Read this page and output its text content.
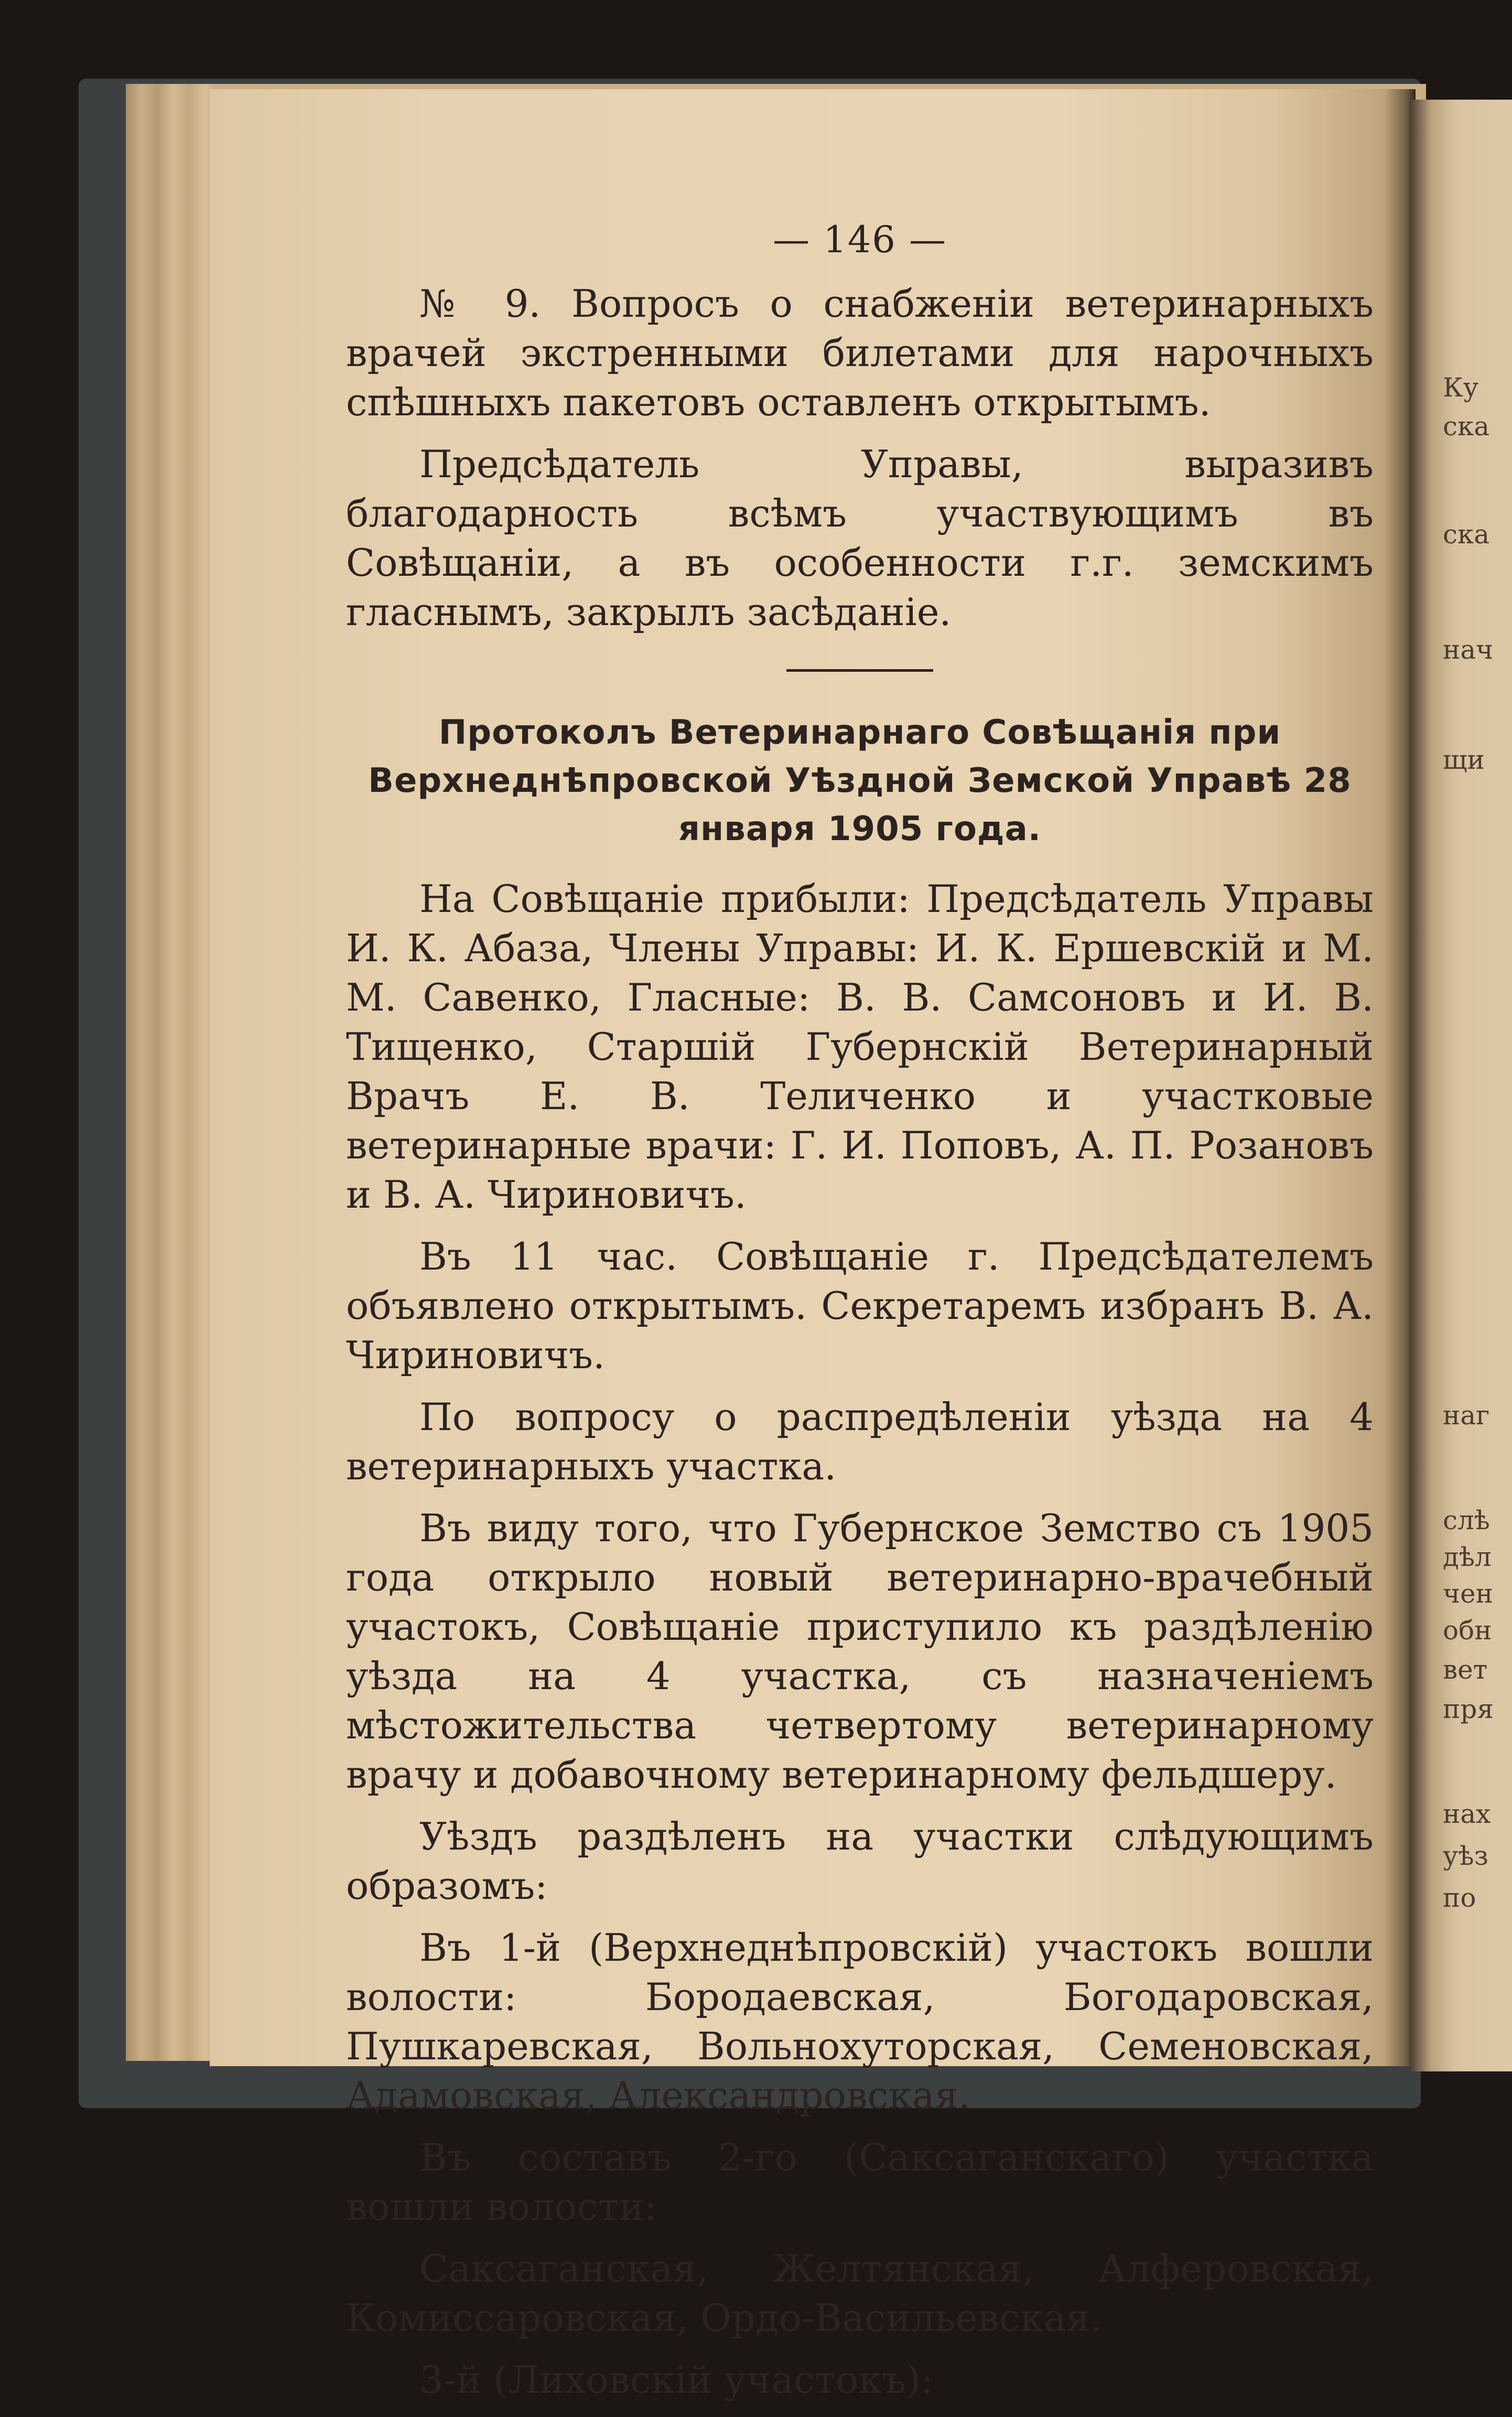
Ку
ска
ска
нач
щи
наг
слѣ
дѣл
чен
обн
вет
пря
нах
уѣз
по
— 146 —

№ 9. Вопросъ о снабженіи ветеринарныхъ врачей экстренными билетами для нарочныхъ спѣшныхъ пакетовъ оставленъ открытымъ.

Предсѣдатель Управы, выразивъ благодарность всѣмъ участвующимъ въ Совѣщаніи, а въ особенности г.г. земскимъ гласнымъ, закрылъ засѣданіе.

Протоколъ Ветеринарнаго Совѣщанія при Верхнеднѣпровской Уѣздной Земской Управѣ 28 января 1905 года.

На Совѣщаніе прибыли: Предсѣдатель Управы И. К. Абаза, Члены Управы: И. К. Ершевскій и М. М. Савенко, Гласные: В. В. Самсоновъ и И. В. Тищенко, Старшій Губернскій Ветеринарный Врачъ Е. В. Теличенко и участковые ветеринарные врачи: Г. И. Поповъ, А. П. Розановъ и В. А. Чириновичъ.

Въ 11 час. Совѣщаніе г. Предсѣдателемъ объявлено открытымъ. Секретаремъ избранъ В. А. Чириновичъ.

По вопросу о распредѣленіи уѣзда на 4 ветеринарныхъ участка.

Въ виду того, что Губернское Земство съ 1905 года открыло новый ветеринарно-врачебный участокъ, Совѣщаніе приступило къ раздѣленію уѣзда на 4 участка, съ назначеніемъ мѣстожительства четвертому ветеринарному врачу и добавочному ветеринарному фельдшеру.

Уѣздъ раздѣленъ на участки слѣдующимъ образомъ:

Въ 1-й (Верхнеднѣпровскій) участокъ вошли волости: Бородаевская, Богодаровская, Пушкаревская, Вольнохуторская, Семеновская, Адамовская, Александровская.

Въ составъ 2-го (Саксаганскаго) участка вошли волости:

Саксаганская, Желтянская, Алферовская, Комиссаровская, Ордо-Васильевская.

3-й (Лиховскій участокъ):
